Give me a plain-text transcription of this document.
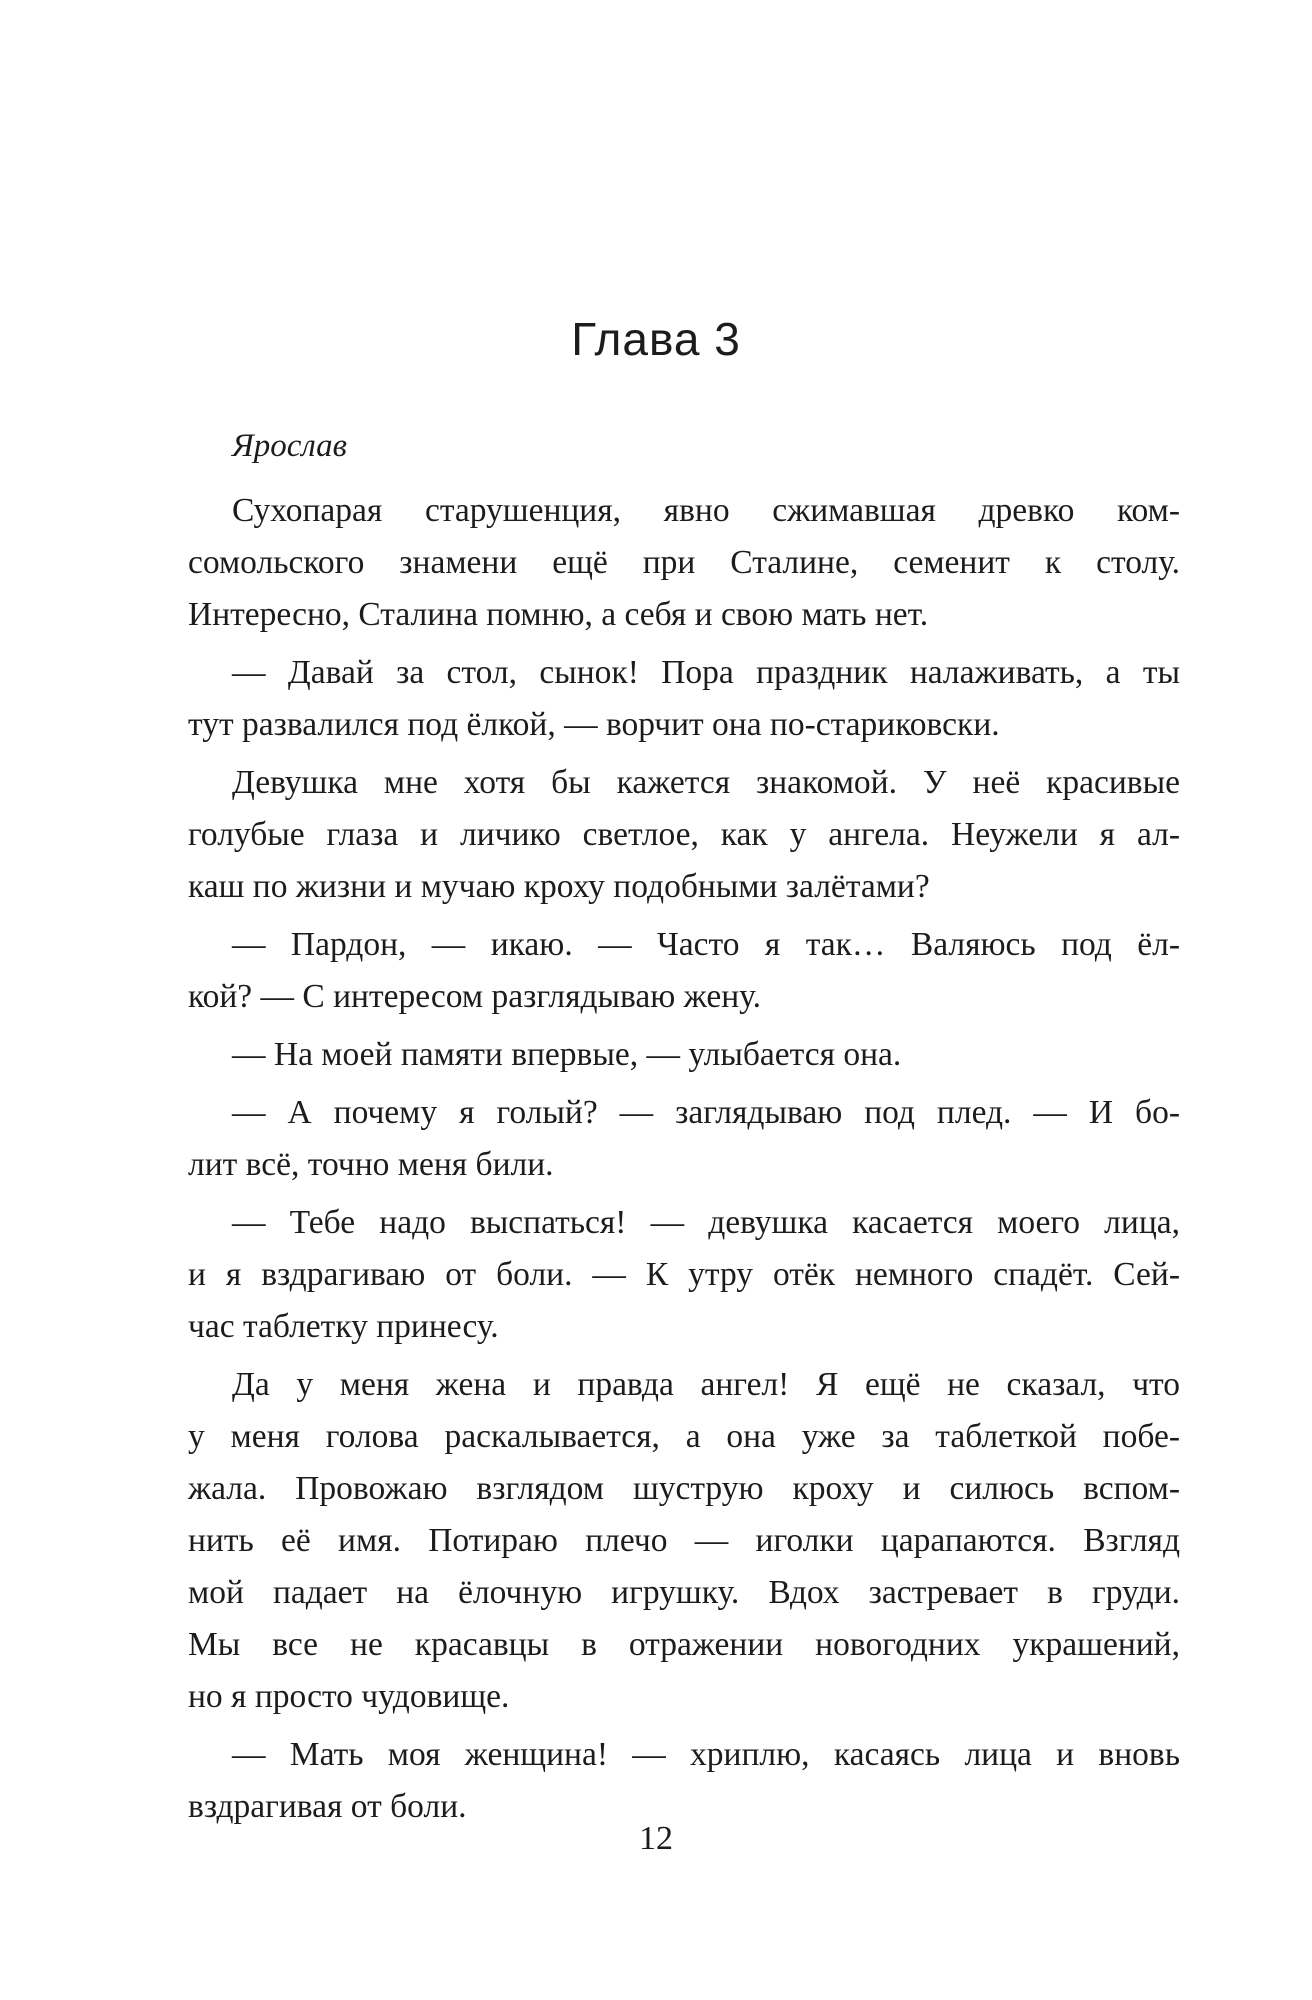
Глава 3

Ярослав

Сухопарая старушенция, явно сжимавшая древко ком-
сомольского знамени ещё при Сталине, семенит к столу.
Интересно, Сталина помню, а себя и свою мать нет.
— Давай за стол, сынок! Пора праздник налаживать, а ты
тут развалился под ёлкой, — ворчит она по-стариковски.
Девушка мне хотя бы кажется знакомой. У неё красивые
голубые глаза и личико светлое, как у ангела. Неужели я ал-
каш по жизни и мучаю кроху подобными залётами?
— Пардон, — икаю. — Часто я так… Валяюсь под ёл-
кой? — С интересом разглядываю жену.
— На моей памяти впервые, — улыбается она.
— А почему я голый? — заглядываю под плед. — И бо-
лит всё, точно меня били.
— Тебе надо выспаться! — девушка касается моего лица,
и я вздрагиваю от боли. — К утру отёк немного спадёт. Сей-
час таблетку принесу.
Да у меня жена и правда ангел! Я ещё не сказал, что
у меня голова раскалывается, а она уже за таблеткой побе-
жала. Провожаю взглядом шуструю кроху и силюсь вспом-
нить её имя. Потираю плечо — иголки царапаются. Взгляд
мой падает на ёлочную игрушку. Вдох застревает в груди.
Мы все не красавцы в отражении новогодних украшений,
но я просто чудовище.
— Мать моя женщина! — хриплю, касаясь лица и вновь
вздрагивая от боли.
12
